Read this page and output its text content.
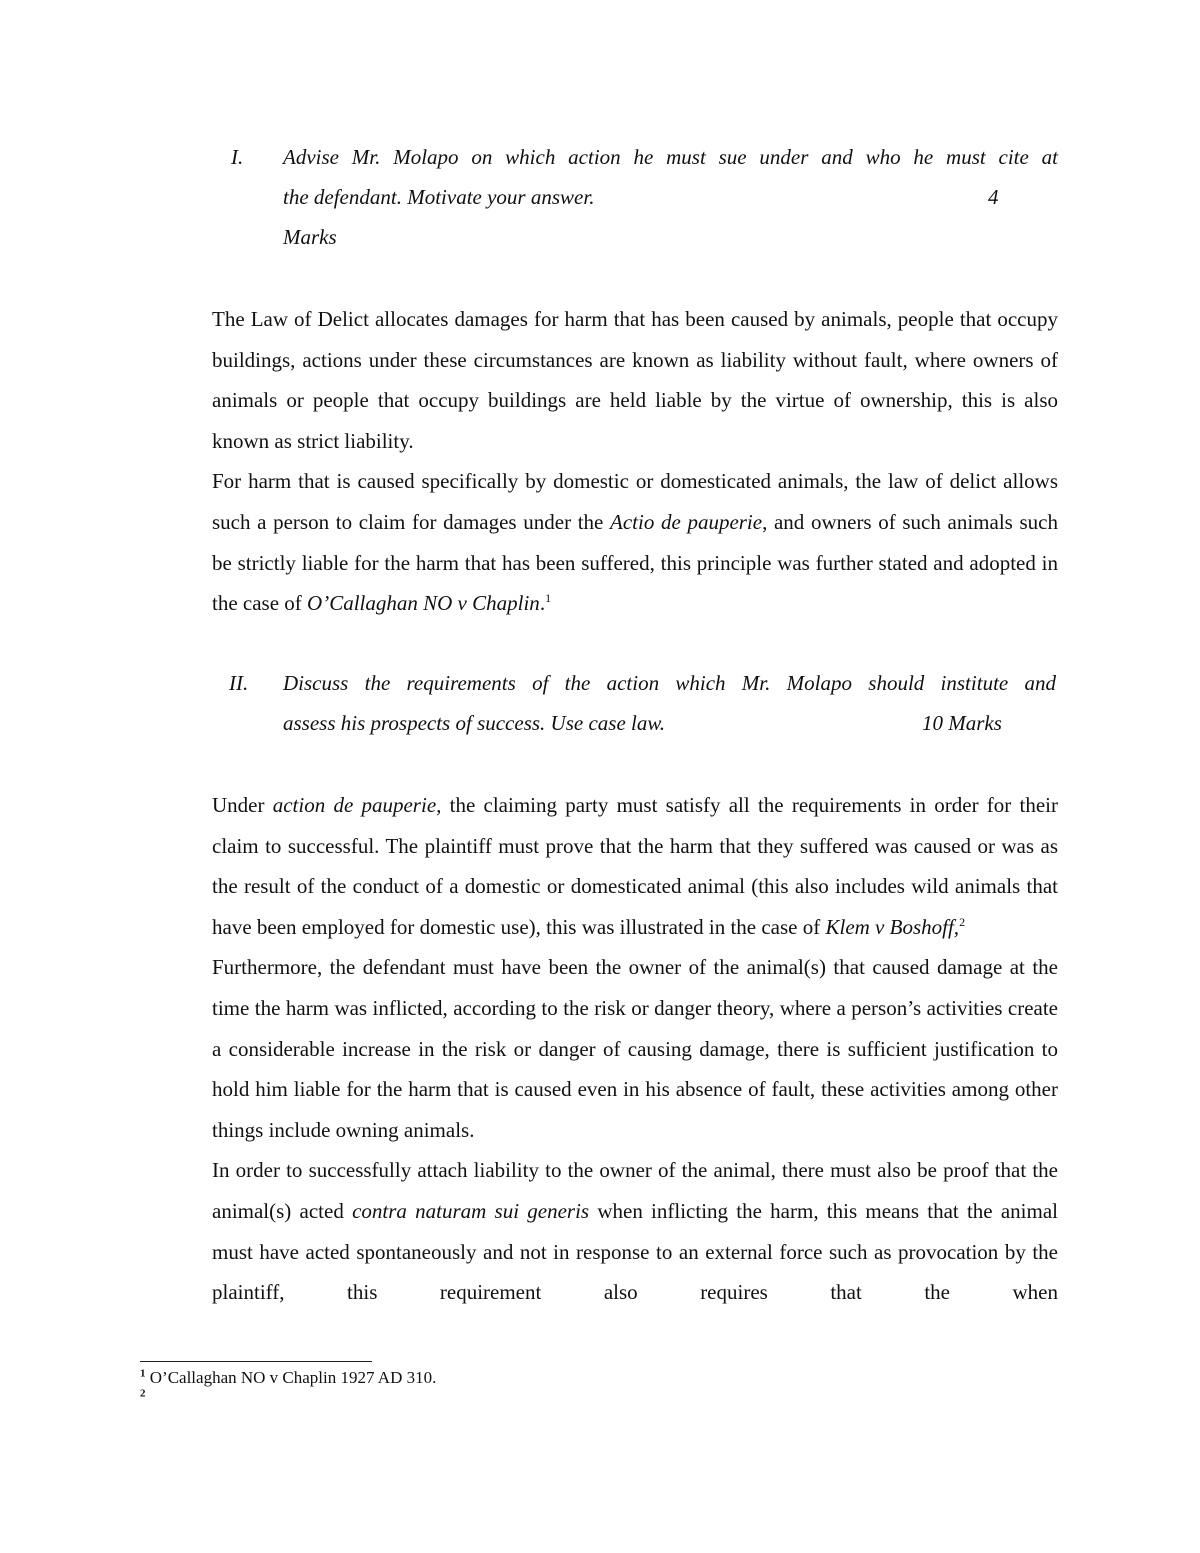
I. Advise Mr. Molapo on which action he must sue under and who he must cite at
the defendant. Motivate your answer.	4
Marks

The Law of Delict allocates damages for harm that has been caused by animals, people that occupy buildings, actions under these circumstances are known as liability without fault, where owners of animals or people that occupy buildings are held liable by the virtue of ownership, this is also known as strict liability.

For harm that is caused specifically by domestic or domesticated animals, the law of delict allows such a person to claim for damages under the Actio de pauperie, and owners of such animals such be strictly liable for the harm that has been suffered, this principle was further stated and adopted in the case of O’Callaghan NO v Chaplin.$^1$

II. Discuss the requirements of the action which Mr. Molapo should institute and
assess his prospects of success. Use case law.	10 Marks

Under action de pauperie, the claiming party must satisfy all the requirements in order for their claim to successful. The plaintiff must prove that the harm that they suffered was caused or was as the result of the conduct of a domestic or domesticated animal (this also includes wild animals that have been employed for domestic use), this was illustrated in the case of Klem v Boshoff,$^2$

Furthermore, the defendant must have been the owner of the animal(s) that caused damage at the time the harm was inflicted, according to the risk or danger theory, where a person’s activities create a considerable increase in the risk or danger of causing damage, there is sufficient justification to hold him liable for the harm that is caused even in his absence of fault, these activities among other things include owning animals.

In order to successfully attach liability to the owner of the animal, there must also be proof that the animal(s) acted contra naturam sui generis when inflicting the harm, this means that the animal must have acted spontaneously and not in response to an external force such as provocation by the plaintiff, this requirement also requires that the when

$^1$ O’Callaghan NO v Chaplin 1927 AD 310.
$^2$
